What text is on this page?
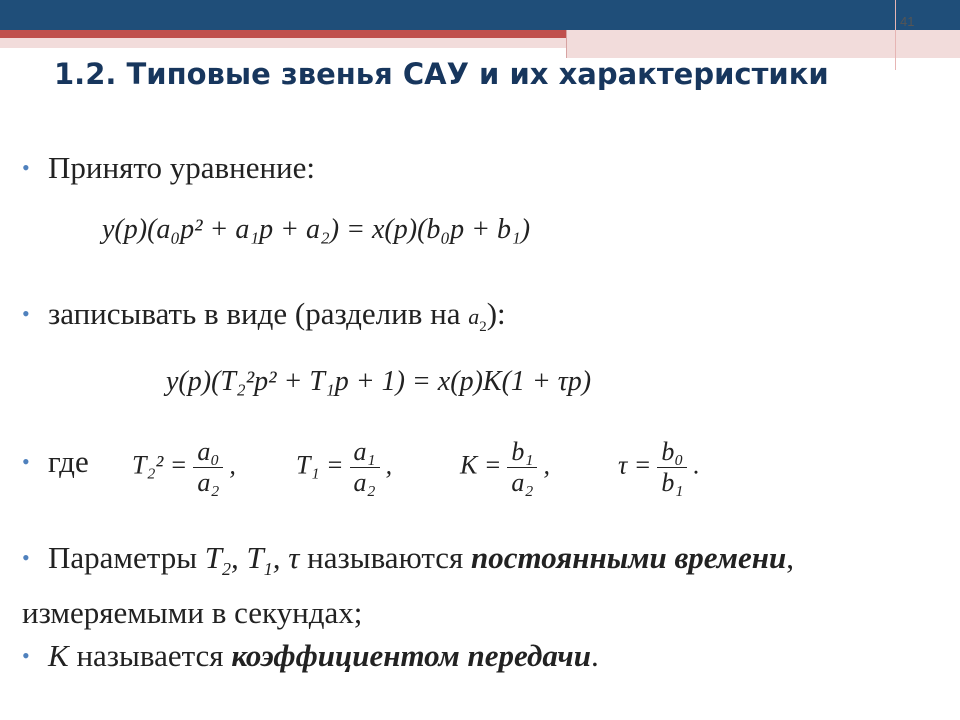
41
1.2. Типовые звенья САУ и их характеристики
• Принято уравнение:
y(p)(a₀p² + a₁p + a₂) = x(p)(b₀p + b₁)
• записывать в виде (разделив на $a_2$):
y(p)(T₂²p² + T₁p + 1) = x(p)K(1 + τp)
• где $T_2^2 = \frac{\text{a₀}}{\text{a₂}}$ , $T_1 = \frac{\text{a₁}}{\text{a₂}}$ ,	$K = \frac{\text{b₁}}{\text{a₂}}$ ,	$\tau = \frac{\text{b₀}}{\text{b₁}}$ .
• Параметры $T_2$, $T_1$, τ называются постоянными времени, измеряемыми в секундах;
• K называется коэффициентом передачи.
